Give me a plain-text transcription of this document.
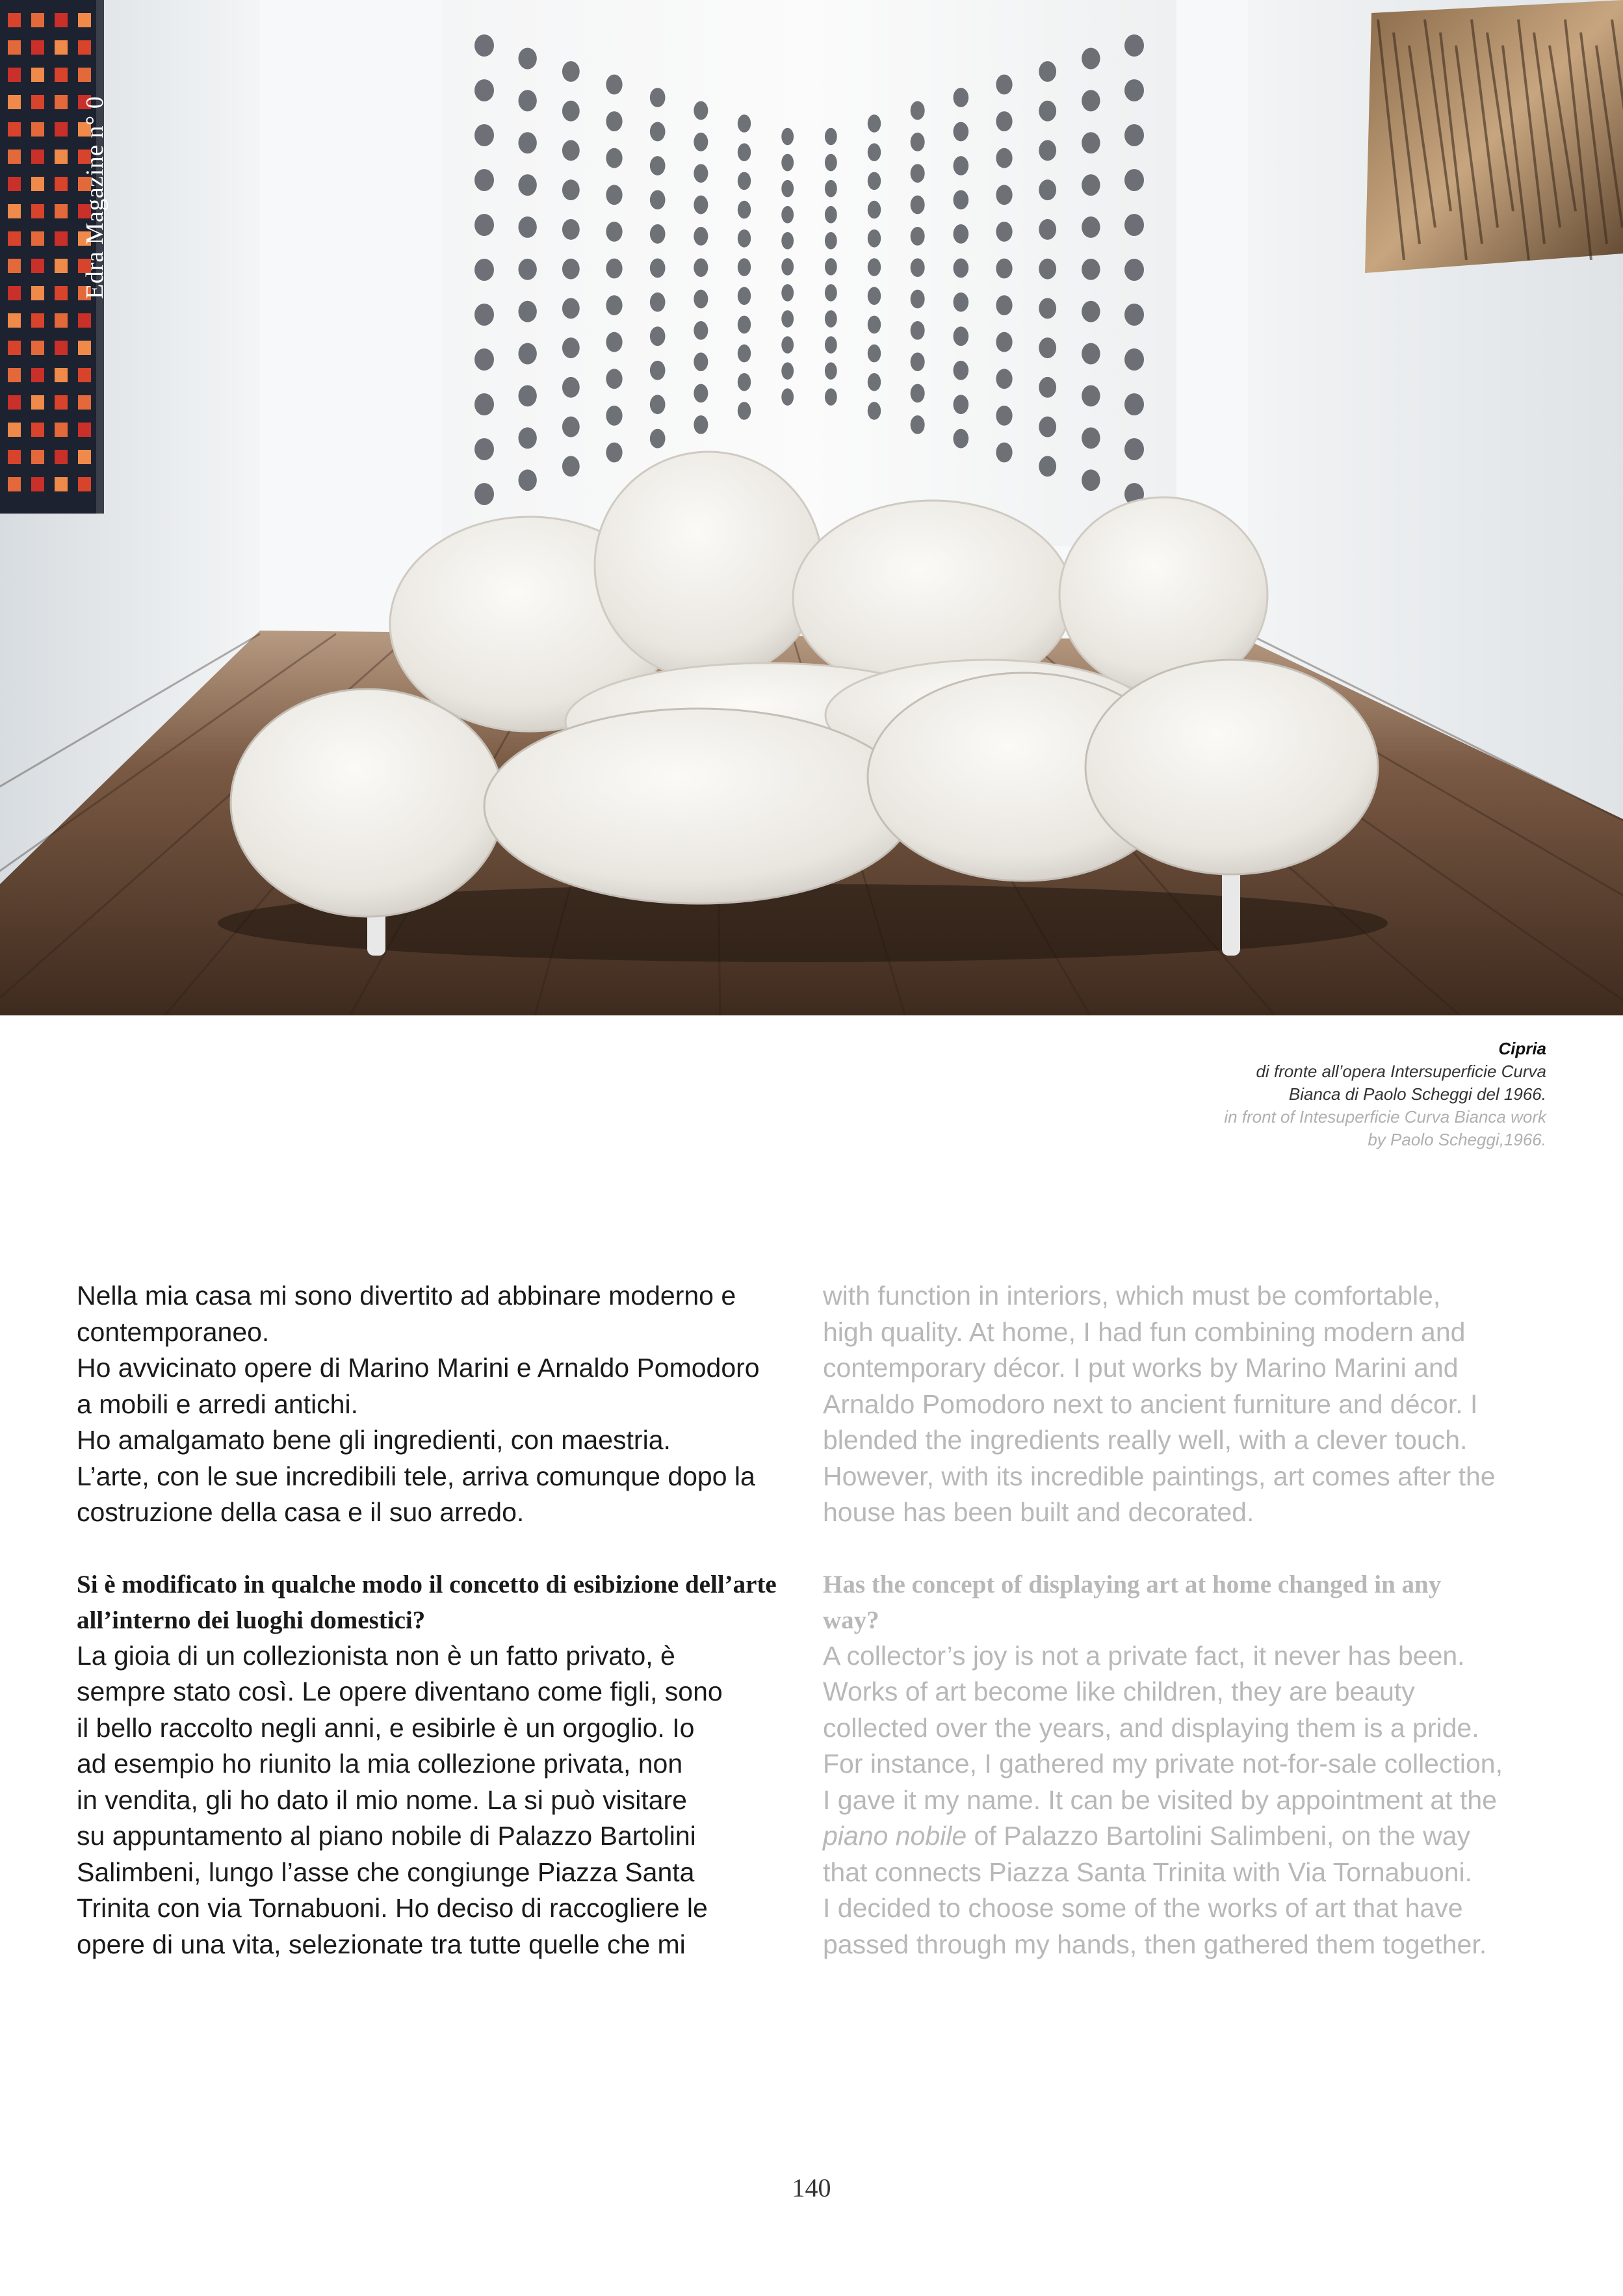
Edra Magazine n° 0
Cipria
di fronte all’opera Intersuperficie Curva
Bianca di Paolo Scheggi del 1966.
in front of Intesuperficie Curva Bianca work
by Paolo Scheggi,1966.

Nella mia casa mi sono divertito ad abbinare moderno e
contemporaneo.
Ho avvicinato opere di Marino Marini e Arnaldo Pomodoro
a mobili e arredi antichi.
Ho amalgamato bene gli ingredienti, con maestria.
L’arte, con le sue incredibili tele, arriva comunque dopo la
costruzione della casa e il suo arredo.

Si è modificato in qualche modo il concetto di esibizione dell’arte
all’interno dei luoghi domestici?

La gioia di un collezionista non è un fatto privato, è
sempre stato così. Le opere diventano come figli, sono
il bello raccolto negli anni, e esibirle è un orgoglio. Io
ad esempio ho riunito la mia collezione privata, non
in vendita, gli ho dato il mio nome. La si può visitare
su appuntamento al piano nobile di Palazzo Bartolini
Salimbeni, lungo l’asse che congiunge Piazza Santa
Trinita con via Tornabuoni. Ho deciso di raccogliere le
opere di una vita, selezionate tra tutte quelle che mi

with function in interiors, which must be comfortable,
high quality. At home, I had fun combining modern and
contemporary décor. I put works by Marino Marini and
Arnaldo Pomodoro next to ancient furniture and décor. I
blended the ingredients really well, with a clever touch.
However, with its incredible paintings, art comes after the
house has been built and decorated.

Has the concept of displaying art at home changed in any
way?

A collector’s joy is not a private fact, it never has been.
Works of art become like children, they are beauty
collected over the years, and displaying them is a pride.
For instance, I gathered my private not-for-sale collection,
I gave it my name. It can be visited by appointment at the
piano nobile of Palazzo Bartolini Salimbeni, on the way
that connects Piazza Santa Trinita with Via Tornabuoni.
I decided to choose some of the works of art that have
passed through my hands, then gathered them together.

140
